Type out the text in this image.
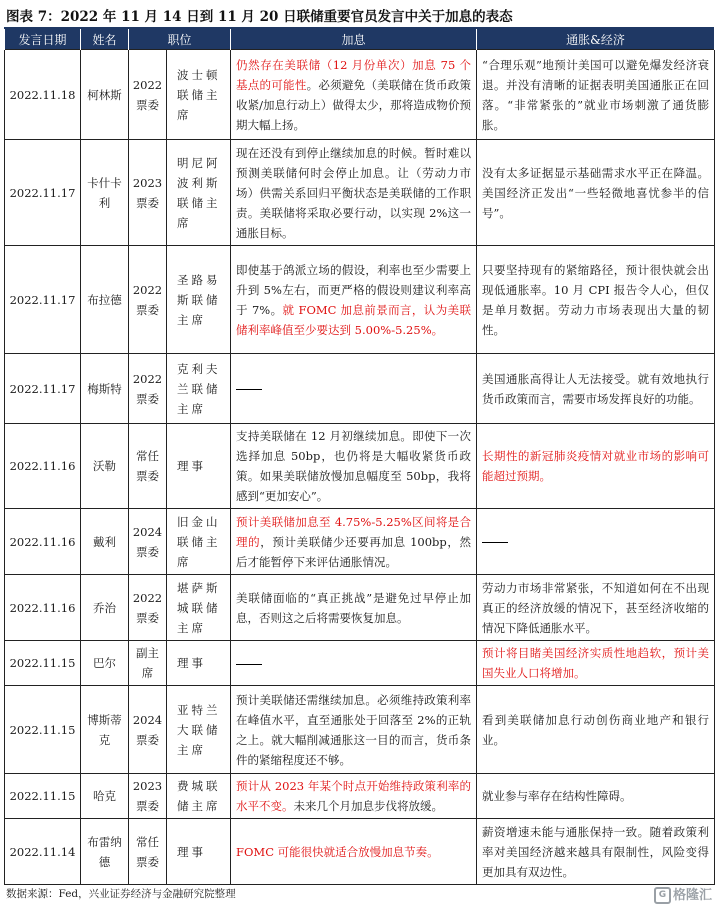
图表 7：2022 年 11 月 14 日到 11 月 20 日联储重要官员发言中关于加息的表态
发言日期	姓名	职位		加息	通胀&经济
2022.11.18	柯林斯	2022票委	波士顿联储主席	仍然存在美联储（12 月份单次）加息 75 个基点的可能性。必须避免（美联储在货币政策收紧/加息行动上）做得太少，那将造成物价预期大幅上扬。	“合理乐观”地预计美国可以避免爆发经济衰退。并没有清晰的证据表明美国通胀正在回落。“非常紧张的”就业市场刺激了通货膨胀。
2022.11.17	卡什卡利	2023票委	明尼阿波利斯联储主席	现在还没有到停止继续加息的时候。暂时难以预测美联储何时会停止加息。让（劳动力市场）供需关系回归平衡状态是美联储的工作职责。美联储将采取必要行动，以实现 2%这一通胀目标。	没有太多证据显示基础需求水平正在降温。美国经济正发出“一些轻微地喜忧参半的信号”。
2022.11.17	布拉德	2022票委	圣路易斯联储主席	即使基于鸽派立场的假设，利率也至少需要上升到 5%左右，而更严格的假设则建议利率高于 7%。就 FOMC 加息前景而言，认为美联储利率峰值至少要达到 5.00%-5.25%。	只要坚持现有的紧缩路径，预计很快就会出现低通胀率。10 月 CPI 报告令人心，但仅是单月数据。劳动力市场表现出大量的韧性。
2022.11.17	梅斯特	2022票委	克利夫兰联储主席		美国通胀高得让人无法接受。就有效地执行货币政策而言，需要市场发挥良好的功能。
2022.11.16	沃勒	常任票委	理事	支持美联储在 12 月初继续加息。即使下一次选择加息 50bp，也仍将是大幅收紧货币政策。如果美联储放慢加息幅度至 50bp，我将感到“更加安心”。	长期性的新冠肺炎疫情对就业市场的影响可能超过预期。
2022.11.16	戴利	2024票委	旧金山联储主席	预计美联储加息至 4.75%-5.25%区间将是合理的，预计美联储少还要再加息 100bp，然后才能暂停下来评估通胀情况。	
2022.11.16	乔治	2022票委	堪萨斯城联储主席	美联储面临的“真正挑战”是避免过早停止加息，否则这之后将需要恢复加息。	劳动力市场非常紧张，不知道如何在不出现真正的经济放缓的情况下，甚至经济收缩的情况下降低通胀水平。
2022.11.15	巴尔	副主席	理事		预计将目睹美国经济实质性地趋软，预计美国失业人口将增加。
2022.11.15	博斯蒂克	2024票委	亚特兰大联储主席	预计美联储还需继续加息。必须维持政策利率在峰值水平，直至通胀处于回落至 2%的正轨之上。就大幅削减通胀这一目的而言，货币条件的紧缩程度还不够。	看到美联储加息行动创伤商业地产和银行业。
2022.11.15	哈克	2023票委	费城联储主席	预计从 2023 年某个时点开始维持政策利率的水平不变。未来几个月加息步伐将放缓。	就业参与率存在结构性障碍。
2022.11.14	布雷纳德	常任票委	理事	FOMC 可能很快就适合放慢加息节奏。	薪资增速未能与通胀保持一致。随着政策利率对美国经济越来越具有限制性，风险变得更加具有双边性。
数据来源：Fed，兴业证券经济与金融研究院整理	G 格隆汇
